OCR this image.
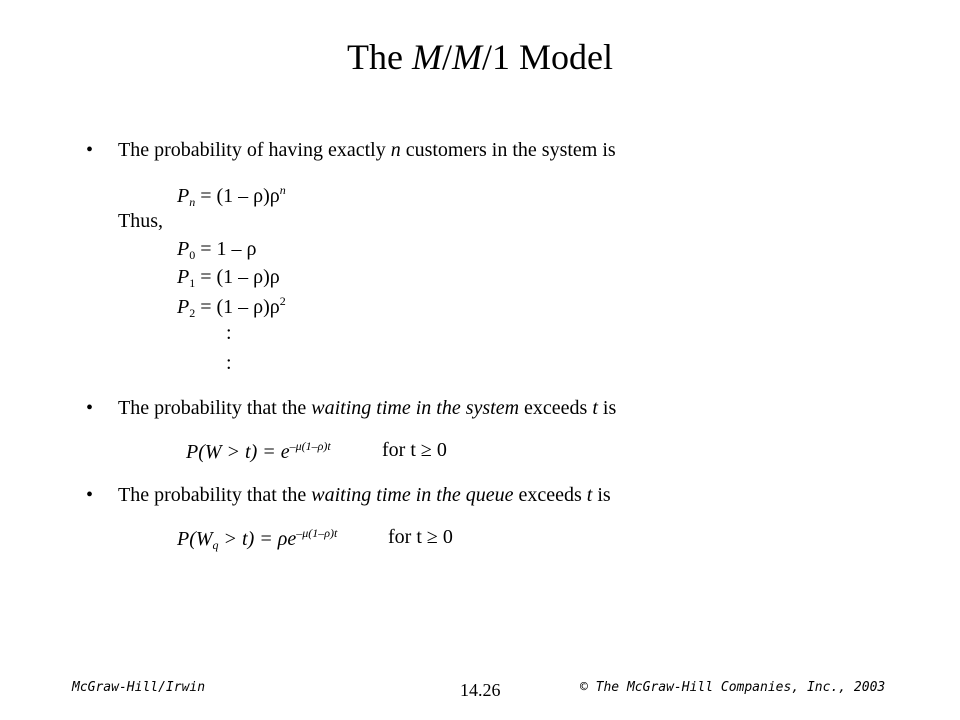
The M/M/1 Model
• The probability of having exactly n customers in the system is
$P_n = (1 - \rho)\rho^n$
Thus,
$P_0 = 1 - \rho$
$P_1 = (1 - \rho)\rho$
$P_2 = (1 - \rho)\rho^2$
:
:
• The probability that the waiting time in the system exceeds t is
$P(W > t) = e^{-\mu(1-\rho)t}$	for t ≥ 0
• The probability that the waiting time in the queue exceeds t is
$P(W_q > t) = \rho e^{-\mu(1-\rho)t}$	for t ≥ 0
McGraw-Hill/Irwin	14.26	© The McGraw-Hill Companies, Inc., 2003
